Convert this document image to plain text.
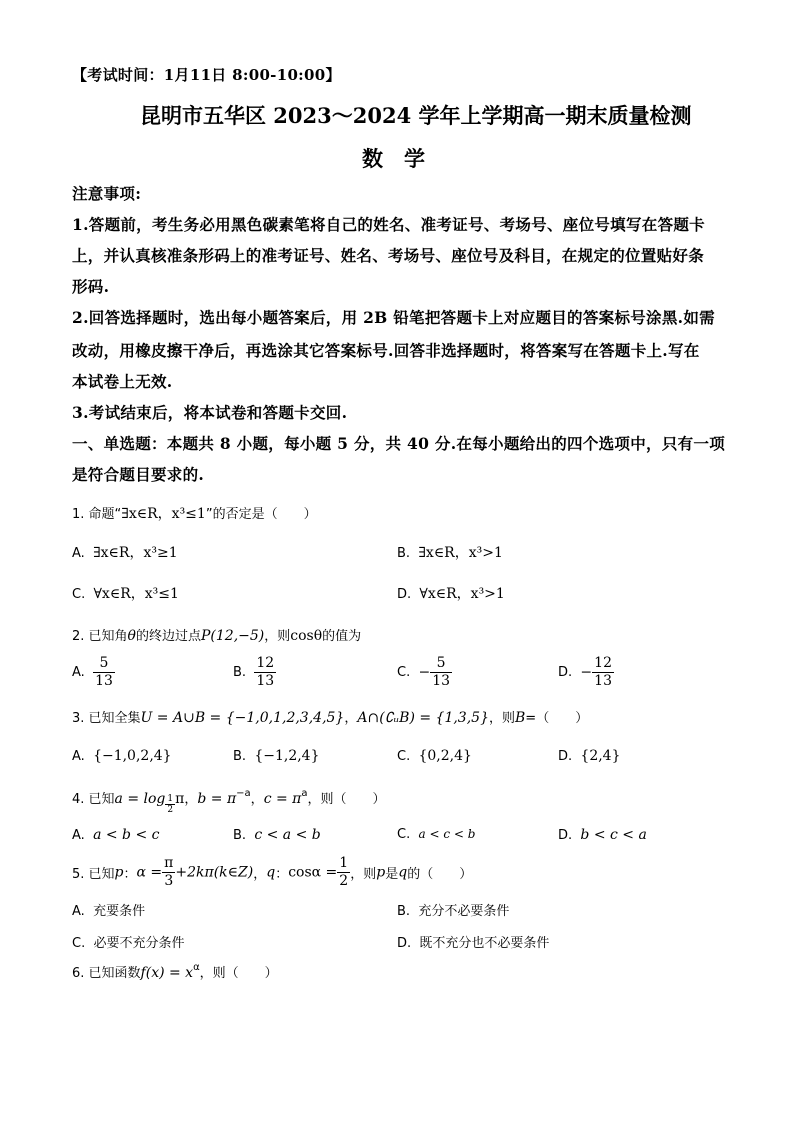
【考试时间：1月11日 8:00-10:00】
昆明市五华区 2023～2024 学年上学期高一期末质量检测
数　学
注意事项:
1.答题前，考生务必用黑色碳素笔将自己的姓名、准考证号、考场号、座位号填写在答题卡
上，并认真核准条形码上的准考证号、姓名、考场号、座位号及科目，在规定的位置贴好条
形码.
2.回答选择题时，选出每小题答案后，用 2B 铅笔把答题卡上对应题目的答案标号涂黑.如需
改动，用橡皮擦干净后，再选涂其它答案标号.回答非选择题时，将答案写在答题卡上.写在
本试卷上无效.
3.考试结束后，将本试卷和答题卡交回.
一、单选题：本题共 8 小题，每小题 5 分，共 40 分.在每小题给出的四个选项中，只有一项
是符合题目要求的.
1. 命题“∃x∈R，x³≤1”的否定是（　　）
A. ∃x∈R，x³≥1	B. ∃x∈R，x³>1
C. ∀x∈R，x³≤1	D. ∀x∈R，x³>1
2. 已知角θ的终边过点P(12,−5)，则cosθ的值为
A. $\frac{5}{13}$	B. $\frac{12}{13}$	C. − $\frac{5}{13}$	D. − $\frac{12}{13}$
3. 已知全集U = A∪B = {−1,0,1,2,3,4,5}，A∩(∁ᵤB) = {1,3,5}，则B=（　　）
A. {−1,0,2,4}	B. {−1,2,4}	C. {0,2,4}	D. {2,4}
4. 已知$a = \log \frac{1}{2}$ π，$b = \pi^{-a}$，$c = \pi^a$，则（　　）
A. a < b < c	B. c < a < b	C. a < c < b	D. b < c < a
5. 已知p：$\alpha = \frac{\pi}{3}$ +2kπ(k∈Z)，q：$\cos\alpha = \frac{1}{2}$ ，则p是q的（　　）
A. 充要条件	B. 充分不必要条件
C. 必要不充分条件	D. 既不充分也不必要条件
6. 已知函数$f(x) = x^\alpha$，则（　　）
